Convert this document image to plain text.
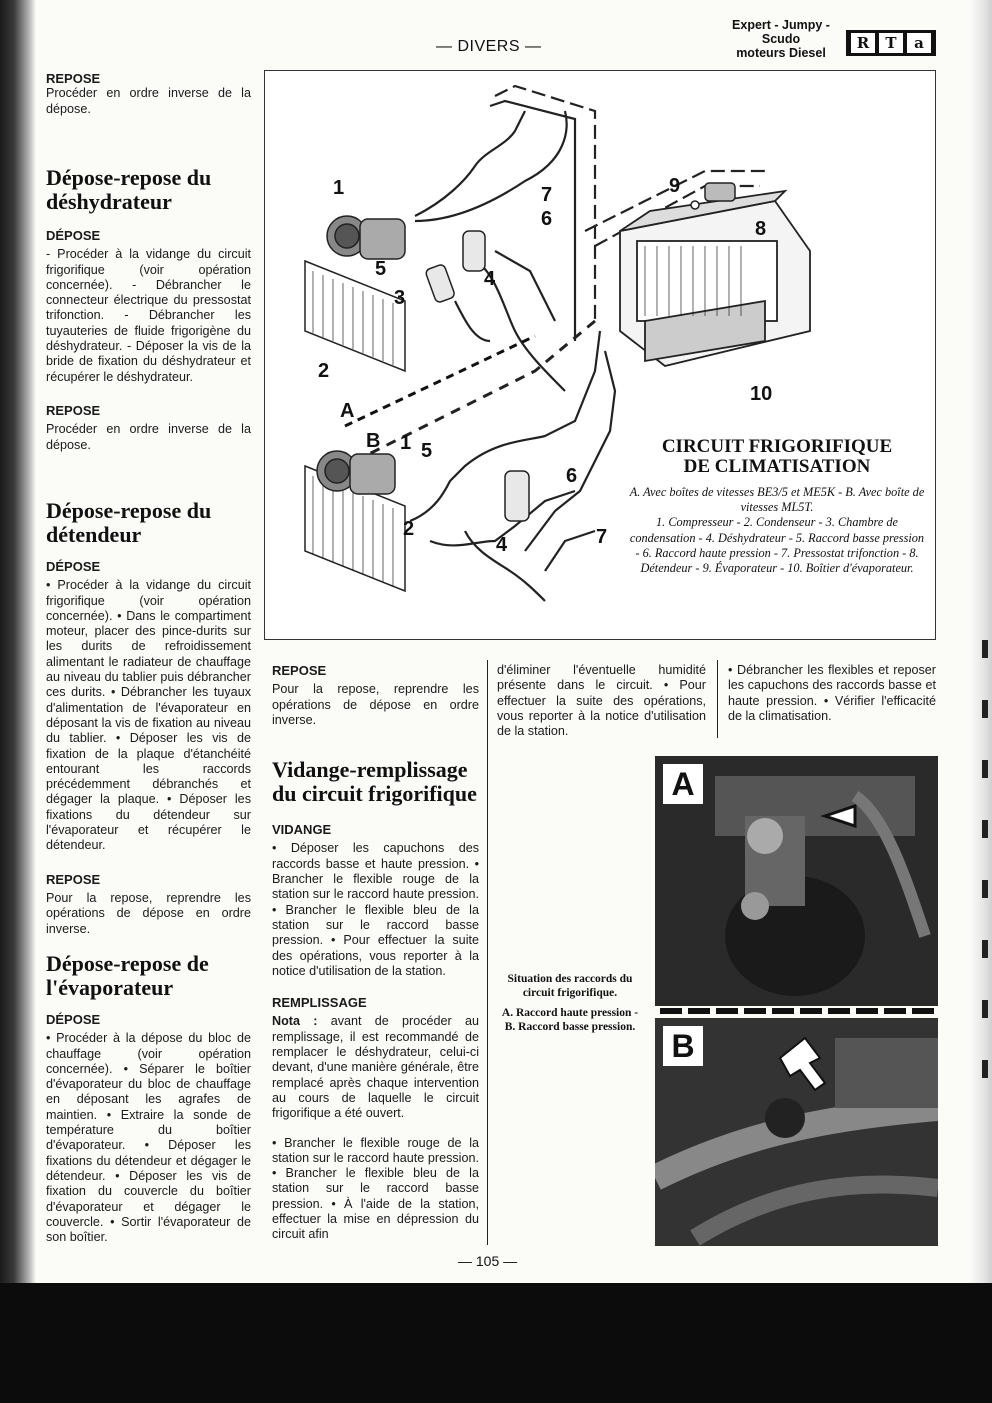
— DIVERS —
Expert - Jumpy -
Scudo
moteurs Diesel
R	T	a
REPOSE

Procéder en ordre inverse de la dépose.

Dépose-repose du déshydrateur
DÉPOSE

- Procéder à la vidange du circuit frigorifique (voir opération concernée). - Débrancher le connecteur électrique du pressostat trifonction. - Débrancher les tuyauteries de fluide frigorigène du déshydrateur. - Déposer la vis de la bride de fixation du déshydrateur et récupérer le déshydrateur.

REPOSE

Procéder en ordre inverse de la dépose.

Dépose-repose du détendeur
DÉPOSE

• Procéder à la vidange du circuit frigorifique (voir opération concernée). • Dans le compartiment moteur, placer des pince-durits sur les durits de refroidissement alimentant le radiateur de chauffage au niveau du tablier puis débrancher ces durits. • Débrancher les tuyaux d'alimentation de l'évaporateur en déposant la vis de fixation au niveau du tablier. • Déposer les vis de fixation de la plaque d'étanchéité entourant les raccords précédemment débranchés et dégager la plaque. • Déposer les fixations du détendeur sur l'évaporateur et récupérer le détendeur.

REPOSE

Pour la repose, reprendre les opérations de dépose en ordre inverse.

Dépose-repose de l'évaporateur
DÉPOSE

• Procéder à la dépose du bloc de chauffage (voir opération concernée). • Séparer le boîtier d'évaporateur du bloc de chauffage en déposant les agrafes de maintien. • Extraire la sonde de température du boîtier d'évaporateur. • Déposer les fixations du détendeur et dégager le détendeur. • Déposer les vis de fixation du couvercle du boîtier d'évaporateur et dégager le couvercle. • Sortir l'évaporateur de son boîtier.

1
2
3
4
5
6
7
8
9
10
A
B 1
2
4
5
6
7
CIRCUIT FRIGORIFIQUE
DE CLIMATISATION
A. Avec boîtes de vitesses BE3/5 et ME5K - B. Avec boîte de vitesses ML5T.
1. Compresseur - 2. Condenseur - 3. Chambre de condensation - 4. Déshydrateur - 5. Raccord basse pression - 6. Raccord haute pression - 7. Pressostat trifonction - 8. Détendeur - 9. Évaporateur - 10. Boîtier d'évaporateur.
REPOSE

Pour la repose, reprendre les opérations de dépose en ordre inverse.

Vidange-remplissage du circuit frigorifique
VIDANGE

• Déposer les capuchons des raccords basse et haute pression. • Brancher le flexible rouge de la station sur le raccord haute pression. • Brancher le flexible bleu de la station sur le raccord basse pression. • Pour effectuer la suite des opérations, vous reporter à la notice d'utilisation de la station.

REMPLISSAGE

Nota : avant de procéder au remplissage, il est recommandé de remplacer le déshydrateur, celui-ci devant, d'une manière générale, être remplacé après chaque intervention au cours de laquelle le circuit frigorifique a été ouvert.

• Brancher le flexible rouge de la station sur le raccord haute pression. • Brancher le flexible bleu de la station sur le raccord basse pression. • À l'aide de la station, effectuer la mise en dépression du circuit afin

d'éliminer l'éventuelle humidité présente dans le circuit. • Pour effectuer la suite des opérations, vous reporter à la notice d'utilisation de la station.

• Débrancher les flexibles et reposer les capuchons des raccords basse et haute pression. • Vérifier l'efficacité de la climatisation.

A
B
Situation des raccords du circuit frigorifique.
A. Raccord haute pression -
B. Raccord basse pression.
— 105 —
